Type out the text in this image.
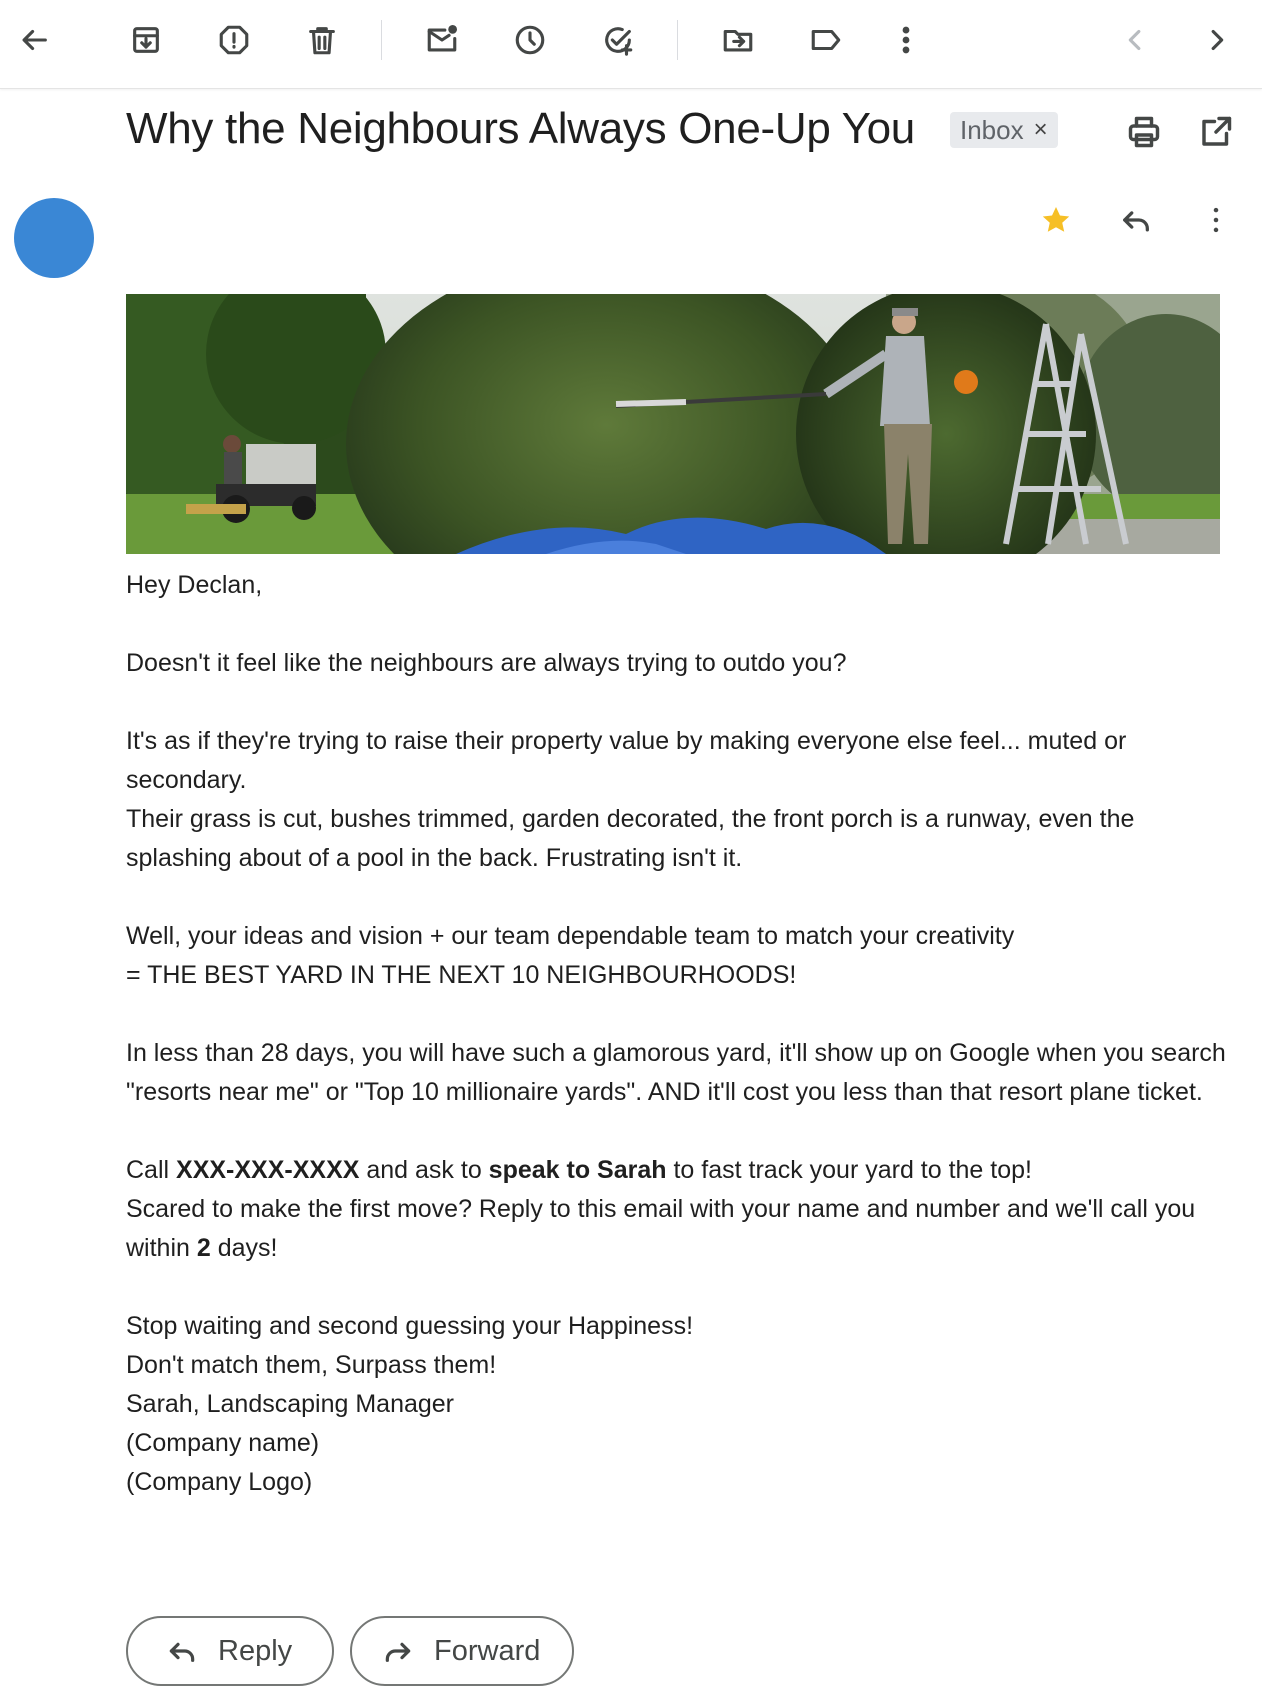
Why the Neighbours Always One-Up You Inbox ×

Hey Declan,

Doesn't it feel like the neighbours are always trying to outdo you?

It's as if they're trying to raise their property value by making everyone else feel... muted or secondary.

Their grass is cut, bushes trimmed, garden decorated, the front porch is a runway, even the splashing about of a pool in the back. Frustrating isn't it.

Well, your ideas and vision + our team dependable team to match your creativity

= THE BEST YARD IN THE NEXT 10 NEIGHBOURHOODS!

In less than 28 days, you will have such a glamorous yard, it'll show up on Google when you search "resorts near me" or "Top 10 millionaire yards". AND it'll cost you less than that resort plane ticket.

Call XXX-XXX-XXXX and ask to speak to Sarah to fast track your yard to the top!

Scared to make the first move? Reply to this email with your name and number and we'll call you within 2 days!

Stop waiting and second guessing your Happiness!

Don't match them, Surpass them!

Sarah, Landscaping Manager

(Company name)

(Company Logo)

Reply	Forward
